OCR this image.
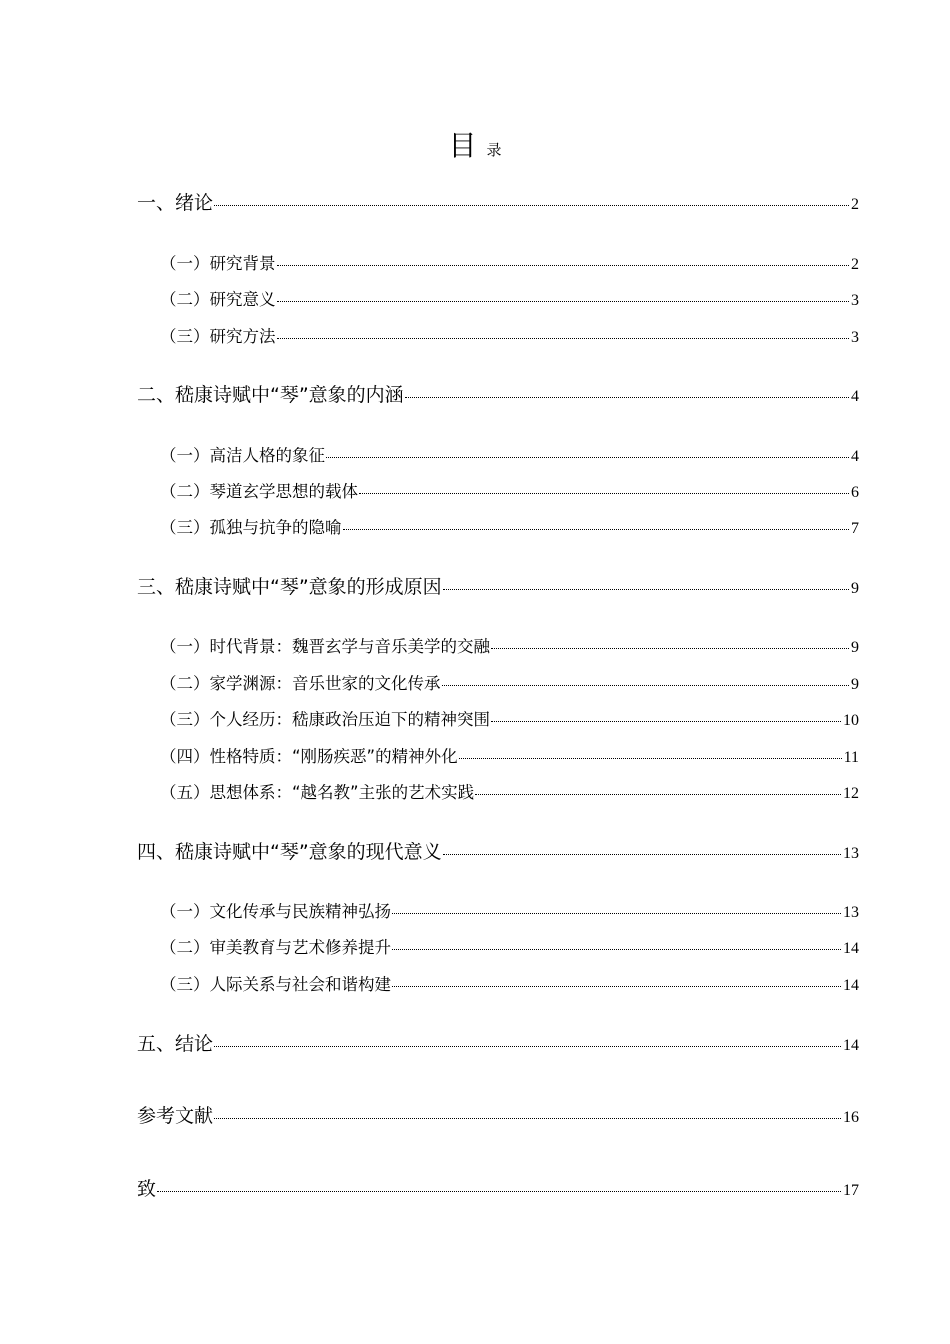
目录
一、绪论	2
（一）研究背景	2
（二）研究意义	3
（三）研究方法	3
二、嵇康诗赋中“琴”意象的内涵	4
（一）高洁人格的象征	4
（二）琴道玄学思想的载体	6
（三）孤独与抗争的隐喻	7
三、嵇康诗赋中“琴”意象的形成原因	9
（一）时代背景：魏晋玄学与音乐美学的交融	9
（二）家学渊源：音乐世家的文化传承	9
（三）个人经历：嵇康政治压迫下的精神突围	10
（四）性格特质：“刚肠疾恶”的精神外化	11
（五）思想体系：“越名教”主张的艺术实践	12
四、嵇康诗赋中“琴”意象的现代意义	13
（一）文化传承与民族精神弘扬	13
（二）审美教育与艺术修养提升	14
（三）人际关系与社会和谐构建	14
五、结论	14
参考文献	16
致	17
